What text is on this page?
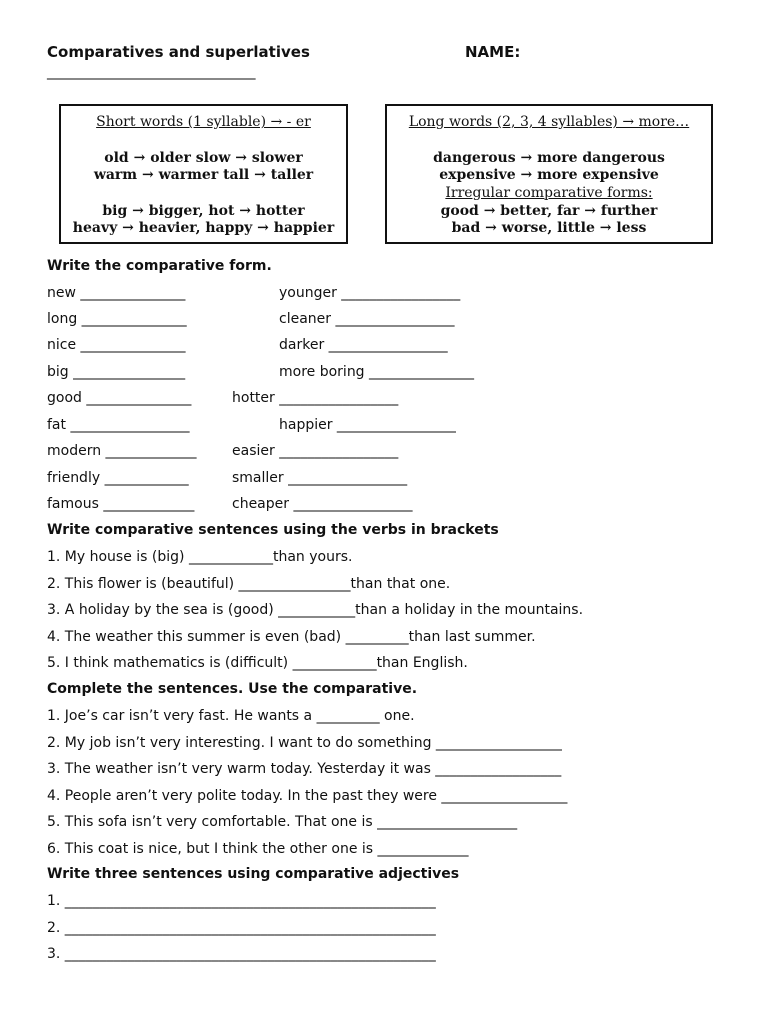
Comparatives and superlatives	NAME:
________________________________
Short words (1 syllable) → - er
old → older slow → slower
warm → warmer tall → taller
big → bigger, hot → hotter
heavy → heavier, happy → happier
Long words (2, 3, 4 syllables) → more…
dangerous → more dangerous
expensive → more expensive
Irregular comparative forms:
good → better, far → further
bad → worse, little → less
Write the comparative form.
new _______________
long _______________
nice _______________
big ________________
good _______________
fat _________________
modern _____________
friendly ____________
famous _____________
younger _________________
cleaner _________________
darker _________________
more boring _______________
hotter _________________
happier _________________
easier _________________
smaller _________________
cheaper _________________
Write comparative sentences using the verbs in brackets
1. My house is (big) ____________than yours.
2. This flower is (beautiful) ________________than that one.
3. A holiday by the sea is (good) ___________than a holiday in the mountains.
4. The weather this summer is even (bad) _________than last summer.
5. I think mathematics is (difficult) ____________than English.
Complete the sentences. Use the comparative.
1. Joe’s car isn’t very fast. He wants a _________ one.
2. My job isn’t very interesting. I want to do something __________________
3. The weather isn’t very warm today. Yesterday it was __________________
4. People aren’t very polite today. In the past they were __________________
5. This sofa isn’t very comfortable. That one is ____________________
6. This coat is nice, but I think the other one is _____________
Write three sentences using comparative adjectives
1. _____________________________________________________
2. _____________________________________________________
3. _____________________________________________________
